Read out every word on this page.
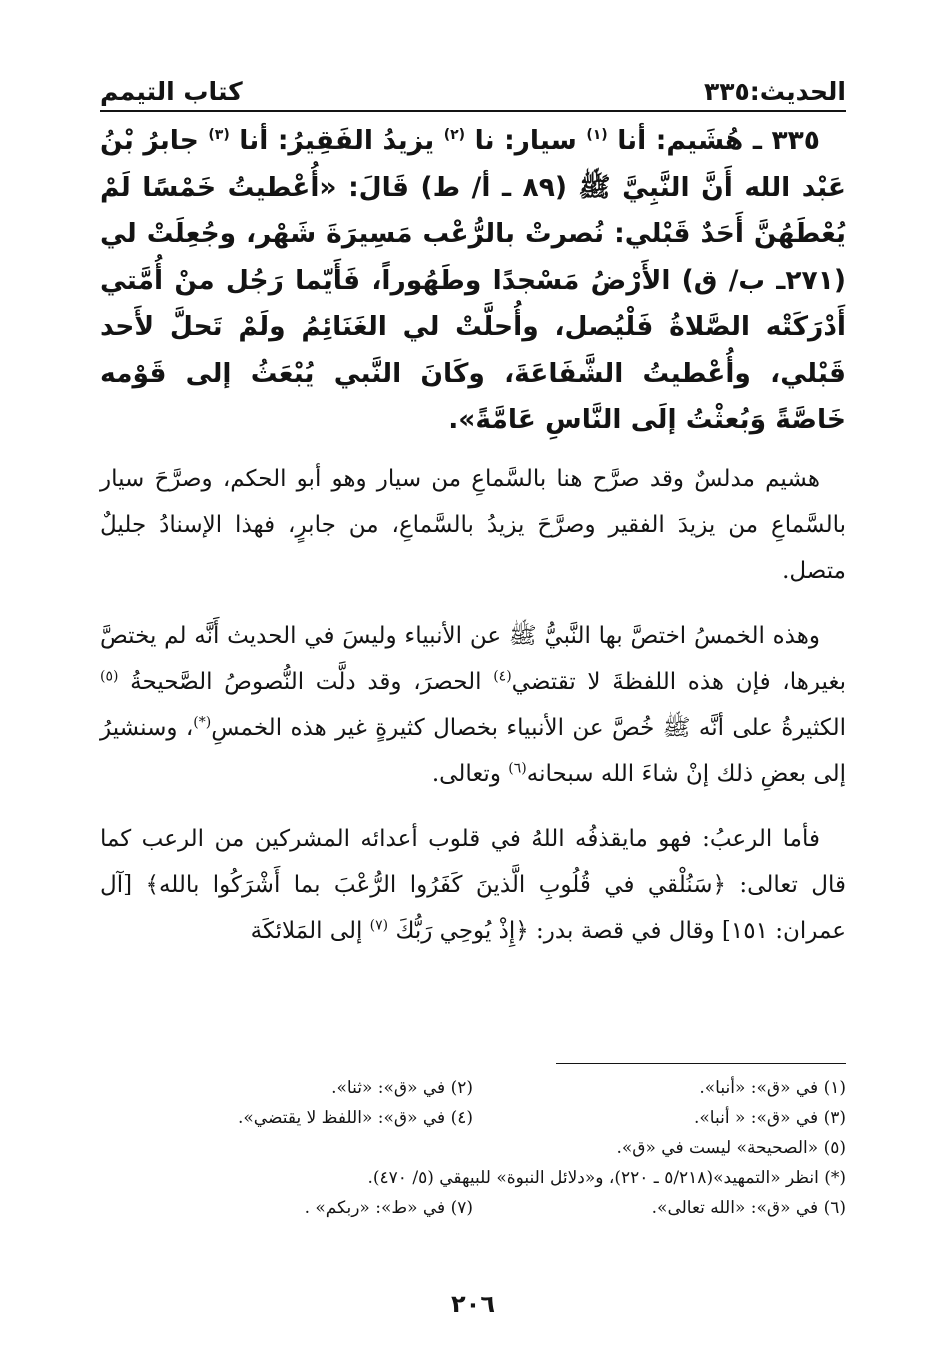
الحديث:٣٣٥
كتاب التيمم

٣٣٥ ـ هُشَيم: أنا $^{(١)}$ سيار: نا $^{(٢)}$ يزيدُ الفَقِيرُ: أنا $^{(٣)}$ جابرُ بْنُ عَبْد الله أَنَّ النَّبِيَّ ﷺ (٨٩ ـ أ/ ط) قَالَ: «أُعْطيتُ خَمْسًا لَمْ يُعْطَهُنَّ أَحَدٌ قَبْلي: نُصرتْ بالرُّعْب مَسِيرَةَ شَهْر، وجُعِلَتْ لي (٢٧١ـ ب/ ق) الأَرْضُ مَسْجدًا وطَهُوراً، فَأَيّما رَجُل منْ أُمَّتي أَدْرَكَتْه الصَّلاةُ فَلْيُصل، وأُحلَّتْ لي الغَنَائِمُ ولَمْ تَحلَّ لأَحد قَبْلي، وأُعْطيتُ الشَّفَاعَةَ، وكَانَ النَّبي يُبْعَثُ إلى قَوْمه خَاصَّةً وَبُعثْتُ إلَى النَّاسِ عَامَّةً».

هشيم مدلسٌ وقد صرَّح هنا بالسَّماعِ من سيار وهو أبو الحكم، وصرَّحَ سيار بالسَّماعِ من يزيدَ الفقير وصرَّحَ يزيدُ بالسَّماعِ، من جابرٍ، فهذا الإسنادُ جليلٌ متصل.

وهذه الخمسُ اختصَّ بها النَّبيُّ ﷺ عن الأنبياء وليسَ في الحديث أَنَّه لم يختصَّ بغيرها، فإن هذه اللفظةَ لا تقتضي$^{(٤)}$ الحصرَ، وقد دلَّت النُّصوصُ الصَّحيحةُ $^{(٥)}$ الكثيرةُ على أنَّه ﷺ خُصَّ عن الأنبياء بخصال كثيرةٍ غير هذه الخمسِ(*)، وسنشيرُ إلى بعضِ ذلك إنْ شاءَ الله سبحانه$^{(٦)}$ وتعالى.

فأما الرعبُ: فهو مايقذفُه اللهُ في قلوب أعدائه المشركين من الرعب كما قال تعالى: ﴿سَنُلْقي في قُلُوبِ الَّذينَ كَفَرُوا الرُّعْبَ بما أَشْرَكُوا بالله﴾ [آل عمران: ١٥١] وقال في قصة بدر: ﴿إِذْ يُوحِي رَبُّكَ $^{(٧)}$ إلى المَلائكَة

(١) في «ق»: «أنبا».
(٢) في «ق»: «ثنا».
(٣) في «ق»: « أنبا».
(٤) في «ق»: «اللفظ لا يقتضي».
(٥) «الصحيحة» ليست في «ق».
(*) انظر «التمهيد»(٥/٢١٨ ـ ٢٢٠)، و«دلائل النبوة» للبيهقي (٥/ ٤٧٠).
(٦) في «ق»: «الله تعالى».
(٧) في «ط»: «ربكم» .
٢٠٦
